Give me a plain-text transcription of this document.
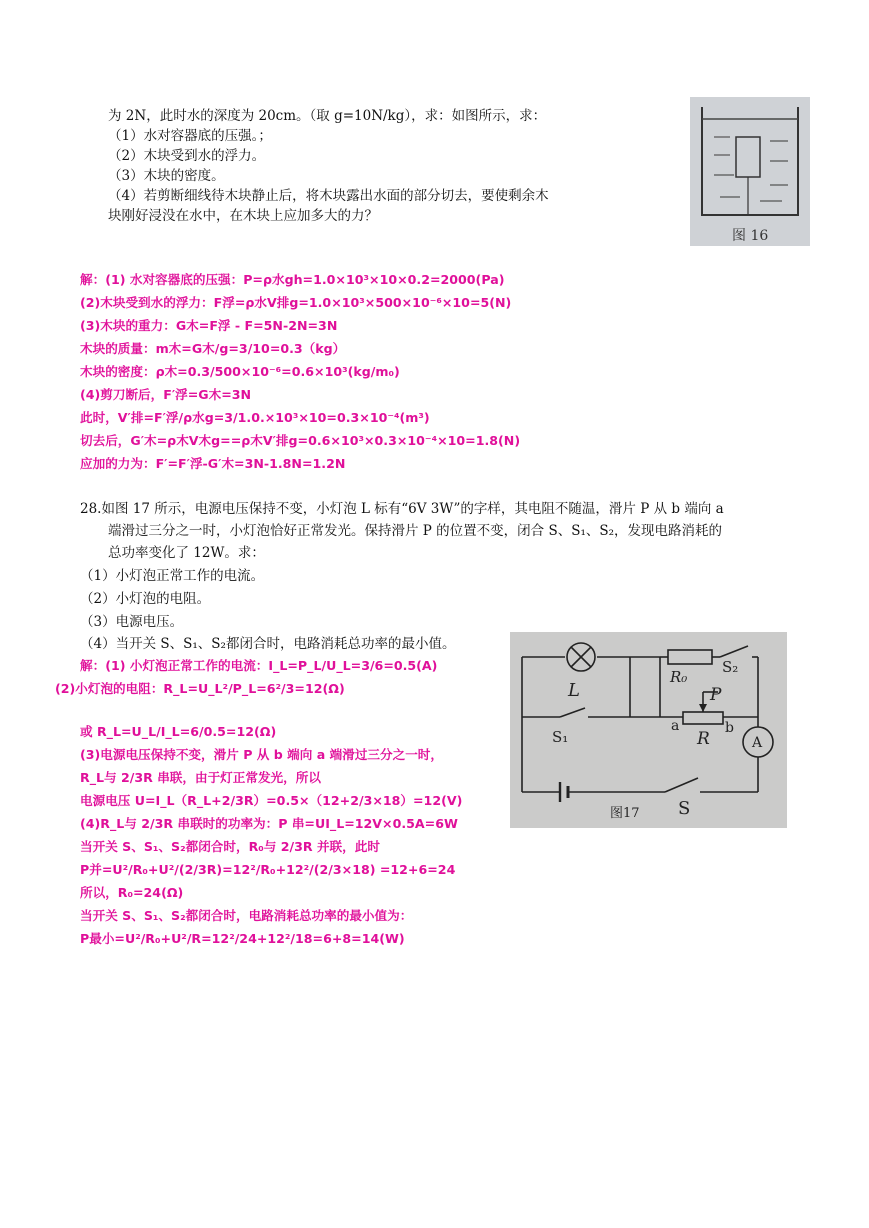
为 2N，此时水的深度为 20cm。（取 g=10N/kg），求：如图所示，求：
（1）水对容器底的压强。；
（2）木块受到水的浮力。
（3）木块的密度。
（4）若剪断细线待木块静止后，将木块露出水面的部分切去，要使剩余木
块刚好浸没在水中，在木块上应加多大的力？
图 16
解：(1) 水对容器底的压强：P=ρ水gh=1.0×10³×10×0.2=2000(Pa)
(2)木块受到水的浮力：F浮=ρ水V排g=1.0×10³×500×10⁻⁶×10=5(N)
(3)木块的重力：G木=F浮 - F=5N-2N=3N
木块的质量：m木=G木/g=3/10=0.3（kg）
木块的密度：ρ木=0.3/500×10⁻⁶=0.6×10³(kg/m₀)
(4)剪刀断后，F′浮=G木=3N
此时，V′排=F′浮/ρ水g=3/1.0.×10³×10=0.3×10⁻⁴(m³)
切去后，G′木=ρ木V木g==ρ木V′排g=0.6×10³×0.3×10⁻⁴×10=1.8(N)
应加的力为：F′=F′浮-G′木=3N-1.8N=1.2N
28.如图 17 所示，电源电压保持不变，小灯泡 L 标有“6V 3W”的字样，其电阻不随温，滑片 P 从 b 端向 a
端滑过三分之一时，小灯泡恰好正常发光。保持滑片 P 的位置不变，闭合 S、S₁、S₂，发现电路消耗的
总功率变化了 12W。求：
（1）小灯泡正常工作的电流。
（2）小灯泡的电阻。
（3）电源电压。
（4）当开关 S、S₁、S₂都闭合时，电路消耗总功率的最小值。
L
R₀
S₂
P
S₁
a
R
b
A
S
图17
解：(1) 小灯泡正常工作的电流：I_L=P_L/U_L=3/6=0.5(A)
(2)小灯泡的电阻：R_L=U_L²/P_L=6²/3=12(Ω)
或 R_L=U_L/I_L=6/0.5=12(Ω)
(3)电源电压保持不变，滑片 P 从 b 端向 a 端滑过三分之一时，
R_L与 2/3R 串联，由于灯正常发光，所以
电源电压 U=I_L（R_L+2/3R）=0.5×（12+2/3×18）=12(V)
(4)R_L与 2/3R 串联时的功率为：P 串=UI_L=12V×0.5A=6W
当开关 S、S₁、S₂都闭合时，R₀与 2/3R 并联，此时
P并=U²/R₀+U²/(2/3R)=12²/R₀+12²/(2/3×18) =12+6=24
所以，R₀=24(Ω)
当开关 S、S₁、S₂都闭合时，电路消耗总功率的最小值为：
P最小=U²/R₀+U²/R=12²/24+12²/18=6+8=14(W)
